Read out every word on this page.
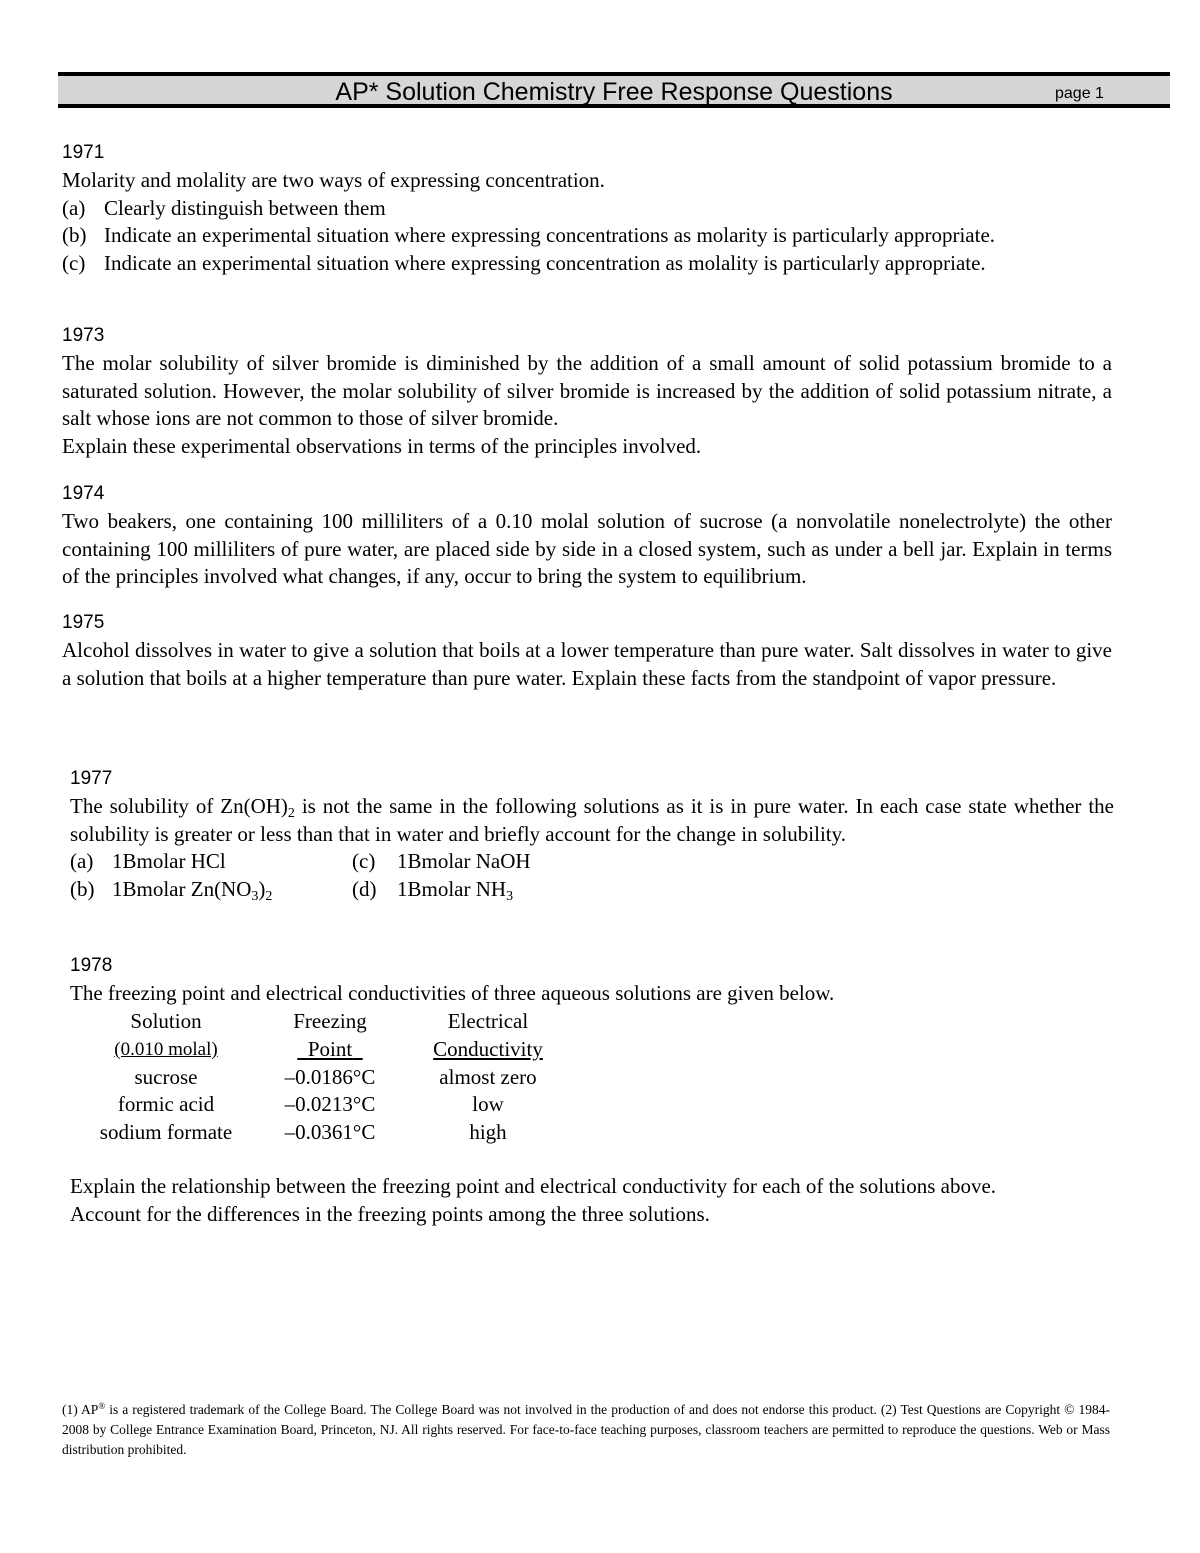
AP* Solution Chemistry Free Response Questions	page 1
1971

Molarity and molality are two ways of expressing concentration.

(a) Clearly distinguish between them
(b) Indicate an experimental situation where expressing concentrations as molarity is particularly appropriate.
(c) Indicate an experimental situation where expressing concentration as molality is particularly appropriate.
1973

The molar solubility of silver bromide is diminished by the addition of a small amount of solid potassium bromide to a saturated solution. However, the molar solubility of silver bromide is increased by the addition of solid potassium nitrate, a salt whose ions are not common to those of silver bromide.

Explain these experimental observations in terms of the principles involved.

1974

Two beakers, one containing 100 milliliters of a 0.10 molal solution of sucrose (a nonvolatile nonelectrolyte) the other containing 100 milliliters of pure water, are placed side by side in a closed system, such as under a bell jar. Explain in terms of the principles involved what changes, if any, occur to bring the system to equilibrium.

1975

Alcohol dissolves in water to give a solution that boils at a lower temperature than pure water. Salt dissolves in water to give a solution that boils at a higher temperature than pure water. Explain these facts from the standpoint of vapor pressure.

1977

The solubility of $Zn(OH)_2$ is not the same in the following solutions as it is in pure water. In each case state whether the solubility is greater or less than that in water and briefly account for the change in solubility.

(a)	1Bmolar HCl	(c)	1Bmolar NaOH
(b)	1Bmolar $Zn(NO_3)_2$	(d)	1Bmolar $NH_3$
1978

The freezing point and electrical conductivities of three aqueous solutions are given below.

Solution	Freezing	Electrical
(0.010 molal)	Point	Conductivity
sucrose	–0.0186°C	almost zero
formic acid	–0.0213°C	low
sodium formate	–0.0361°C	high

Explain the relationship between the freezing point and electrical conductivity for each of the solutions above.

Account for the differences in the freezing points among the three solutions.

(1) AP® is a registered trademark of the College Board. The College Board was not involved in the production of and does not endorse this product. (2) Test Questions are Copyright © 1984-2008 by College Entrance Examination Board, Princeton, NJ. All rights reserved. For face-to-face teaching purposes, classroom teachers are permitted to reproduce the questions. Web or Mass distribution prohibited.
